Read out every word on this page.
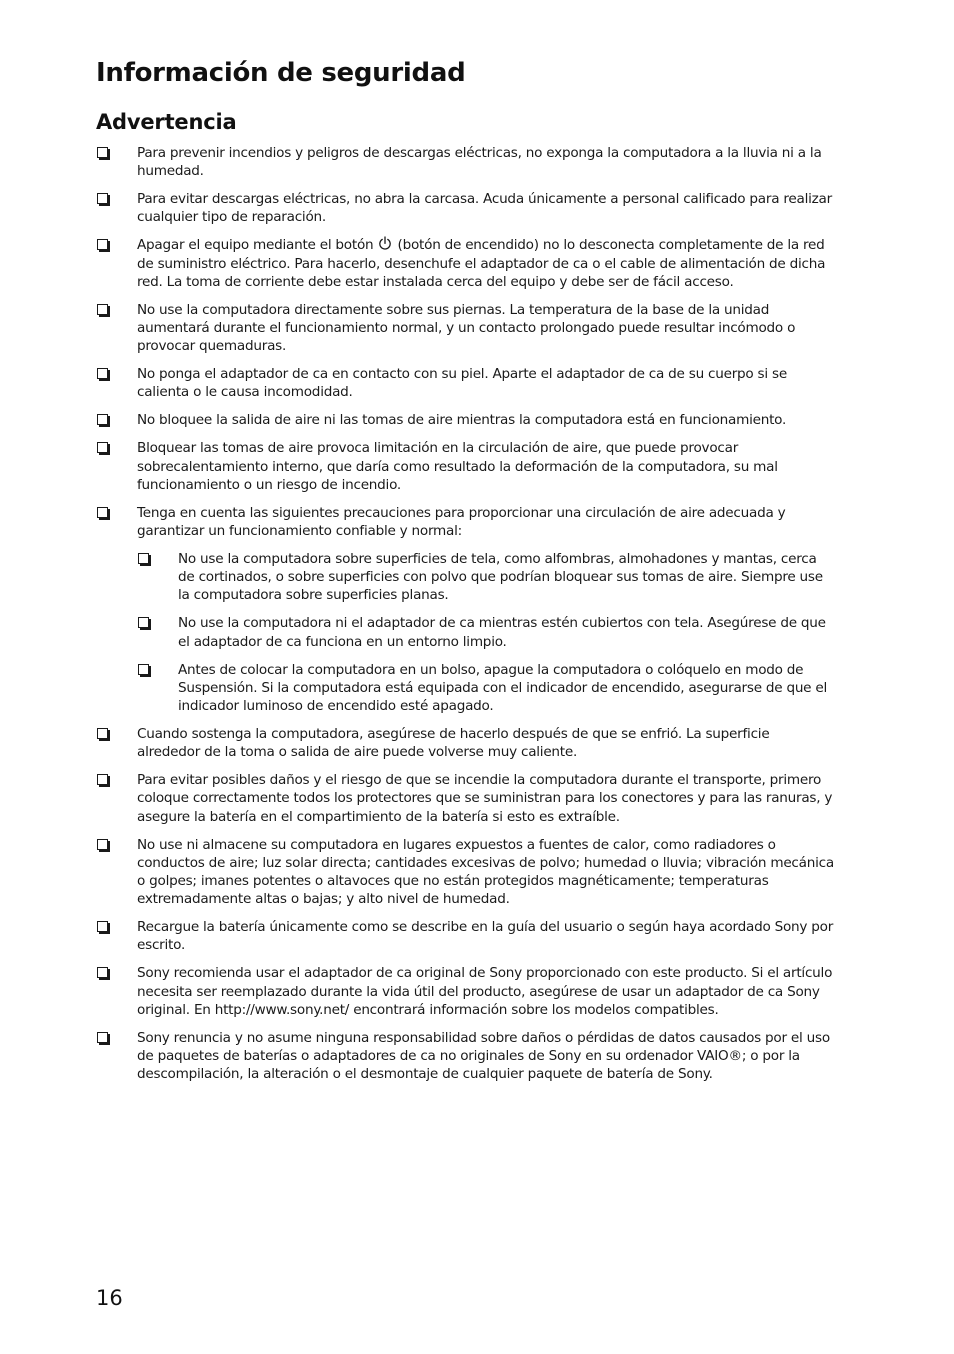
Información de seguridad
Advertencia
Para prevenir incendios y peligros de descargas eléctricas, no exponga la computadora a la lluvia ni a la humedad.
Para evitar descargas eléctricas, no abra la carcasa. Acuda únicamente a personal calificado para realizar cualquier tipo de reparación.
Apagar el equipo mediante el botón (botón de encendido) no lo desconecta completamente de la red de suministro eléctrico. Para hacerlo, desenchufe el adaptador de ca o el cable de alimentación de dicha red. La toma de corriente debe estar instalada cerca del equipo y debe ser de fácil acceso.
No use la computadora directamente sobre sus piernas. La temperatura de la base de la unidad aumentará durante el funcionamiento normal, y un contacto prolongado puede resultar incómodo o provocar quemaduras.
No ponga el adaptador de ca en contacto con su piel. Aparte el adaptador de ca de su cuerpo si se calienta o le causa incomodidad.
No bloquee la salida de aire ni las tomas de aire mientras la computadora está en funcionamiento.
Bloquear las tomas de aire provoca limitación en la circulación de aire, que puede provocar sobrecalentamiento interno, que daría como resultado la deformación de la computadora, su mal funcionamiento o un riesgo de incendio.
Tenga en cuenta las siguientes precauciones para proporcionar una circulación de aire adecuada y garantizar un funcionamiento confiable y normal:
No use la computadora sobre superficies de tela, como alfombras, almohadones y mantas, cerca de cortinados, o sobre superficies con polvo que podrían bloquear sus tomas de aire. Siempre use la computadora sobre superficies planas.
No use la computadora ni el adaptador de ca mientras estén cubiertos con tela. Asegúrese de que el adaptador de ca funciona en un entorno limpio.
Antes de colocar la computadora en un bolso, apague la computadora o colóquelo en modo de Suspensión. Si la computadora está equipada con el indicador de encendido, asegurarse de que el indicador luminoso de encendido esté apagado.
Cuando sostenga la computadora, asegúrese de hacerlo después de que se enfrió. La superficie alrededor de la toma o salida de aire puede volverse muy caliente.
Para evitar posibles daños y el riesgo de que se incendie la computadora durante el transporte, primero coloque correctamente todos los protectores que se suministran para los conectores y para las ranuras, y asegure la batería en el compartimiento de la batería si esto es extraíble.
No use ni almacene su computadora en lugares expuestos a fuentes de calor, como radiadores o conductos de aire; luz solar directa; cantidades excesivas de polvo; humedad o lluvia; vibración mecánica o golpes; imanes potentes o altavoces que no están protegidos magnéticamente; temperaturas extremadamente altas o bajas; y alto nivel de humedad.
Recargue la batería únicamente como se describe en la guía del usuario o según haya acordado Sony por escrito.
Sony recomienda usar el adaptador de ca original de Sony proporcionado con este producto. Si el artículo necesita ser reemplazado durante la vida útil del producto, asegúrese de usar un adaptador de ca Sony original. En http://www.sony.net/ encontrará información sobre los modelos compatibles.
Sony renuncia y no asume ninguna responsabilidad sobre daños o pérdidas de datos causados por el uso de paquetes de baterías o adaptadores de ca no originales de Sony en su ordenador VAIO®; o por la descompilación, la alteración o el desmontaje de cualquier paquete de batería de Sony.
16
